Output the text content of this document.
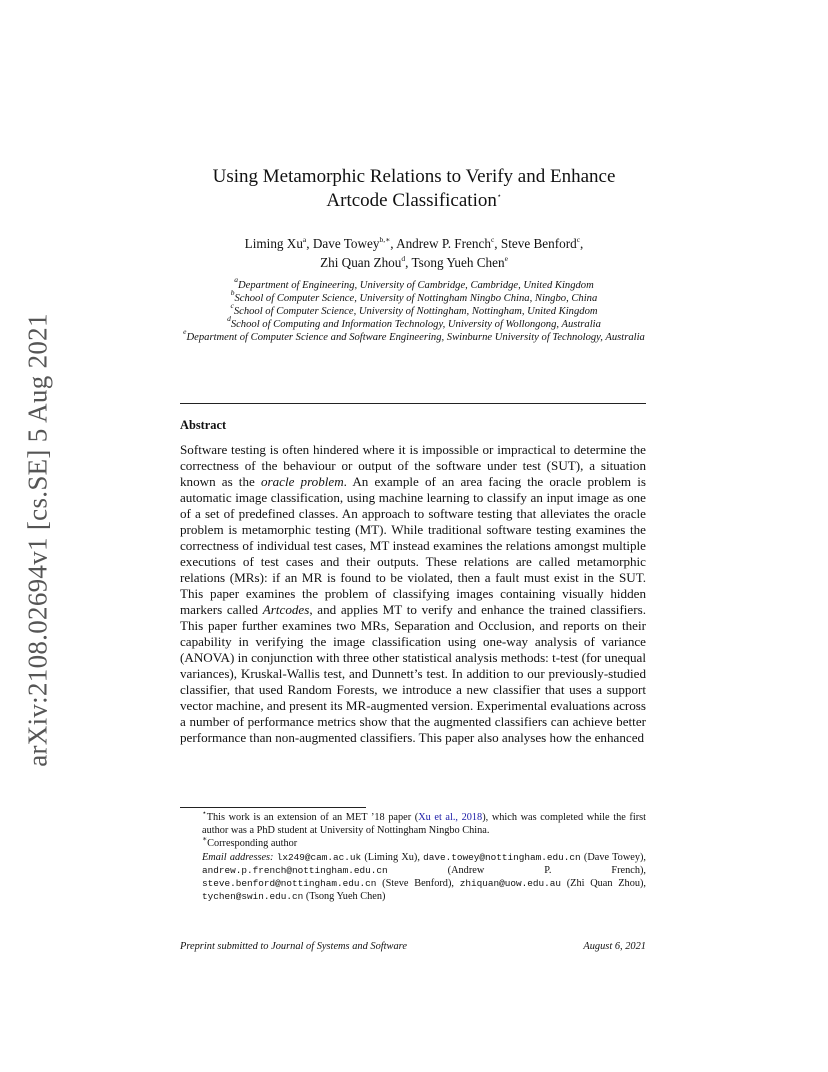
arXiv:2108.02694v1 [cs.SE] 5 Aug 2021
Using Metamorphic Relations to Verify and Enhance
Artcode Classification⋆
Liming Xu$^a$, Dave Towey$^{b,∗}$, Andrew P. French$^c$, Steve Benford$^c$,
Zhi Quan Zhou$^d$, Tsong Yueh Chen$^e$
$^a$Department of Engineering, University of Cambridge, Cambridge, United Kingdom
$^b$School of Computer Science, University of Nottingham Ningbo China, Ningbo, China
$^c$School of Computer Science, University of Nottingham, Nottingham, United Kingdom
$^d$School of Computing and Information Technology, University of Wollongong, Australia
$^e$Department of Computer Science and Software Engineering, Swinburne University of Technology, Australia
Abstract
Software testing is often hindered where it is impossible or impractical to determine the correctness of the behaviour or output of the software under test (SUT), a situation known as the oracle problem. An example of an area facing the oracle problem is automatic image classification, using machine learning to classify an input image as one of a set of predefined classes. An approach to software testing that alleviates the oracle problem is metamorphic testing (MT). While traditional software testing examines the correctness of individual test cases, MT instead examines the relations amongst multiple executions of test cases and their outputs. These relations are called metamorphic relations (MRs): if an MR is found to be violated, then a fault must exist in the SUT. This paper examines the problem of classifying images containing visually hidden markers called Artcodes, and applies MT to verify and enhance the trained classifiers. This paper further examines two MRs, Separation and Occlusion, and reports on their capability in verifying the image classification using one-way analysis of variance (ANOVA) in conjunction with three other statistical analysis methods: t-test (for unequal variances), Kruskal-Wallis test, and Dunnett’s test. In addition to our previously-studied classifier, that used Random Forests, we introduce a new classifier that uses a support vector machine, and present its MR-augmented version. Experimental evaluations across a number of performance metrics show that the augmented classifiers can achieve better performance than non-augmented classifiers. This paper also analyses how the enhanced

⋆This work is an extension of an MET ’18 paper (Xu et al., 2018), which was completed while the first author was a PhD student at University of Nottingham Ningbo China.

∗Corresponding author

Email addresses: lx249@cam.ac.uk (Liming Xu), dave.towey@nottingham.edu.cn (Dave Towey), andrew.p.french@nottingham.edu.cn (Andrew P. French), steve.benford@nottingham.edu.cn (Steve Benford), zhiquan@uow.edu.au (Zhi Quan Zhou), tychen@swin.edu.cn (Tsong Yueh Chen)

Preprint submitted to Journal of Systems and Software	August 6, 2021
